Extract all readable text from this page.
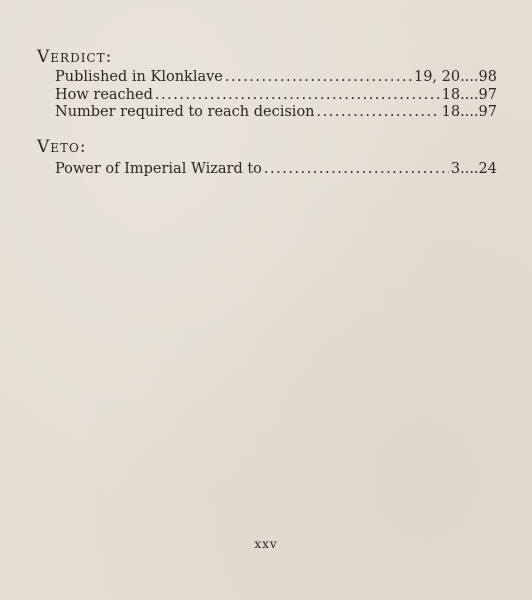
Verdict:
Published in Klonklave .....	19, 20....98
How reached .....	18....97
Number required to reach decision .....	18....97
Veto:
Power of Imperial Wizard to .....	3....24
xxv
